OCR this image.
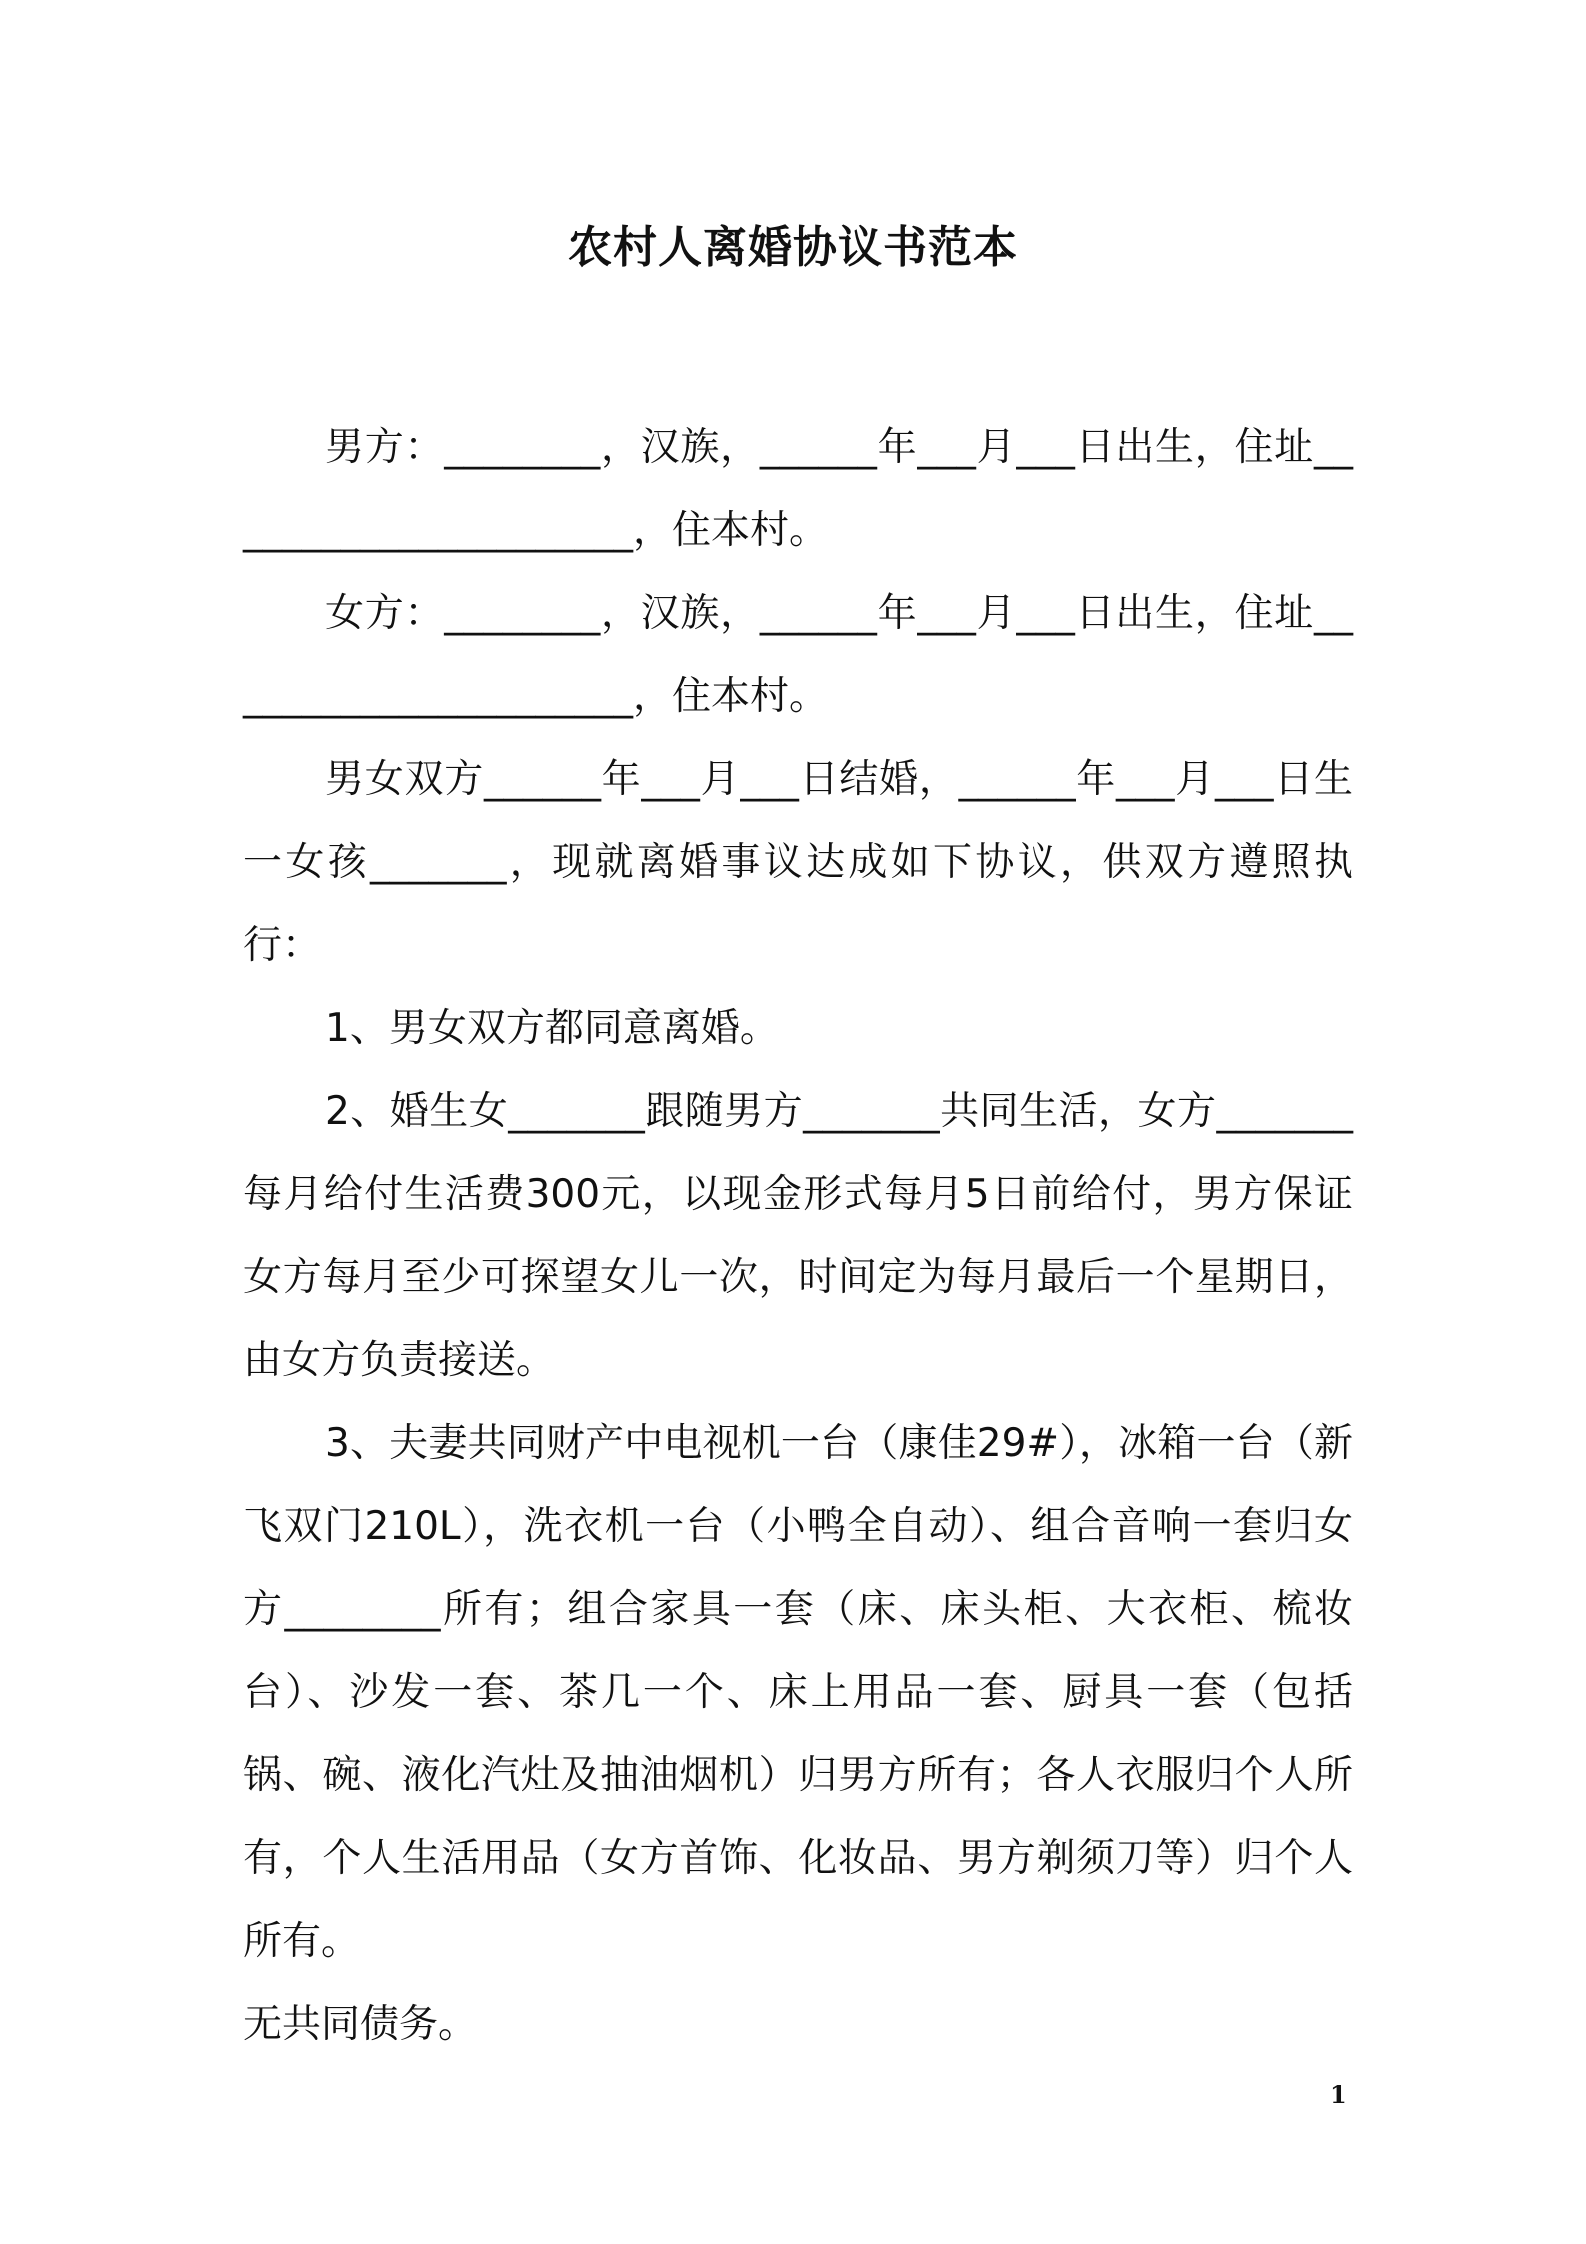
农村人离婚协议书范本

男方：________，汉族，______年___月___日出生，住址______________________，住本村。

女方：________，汉族，______年___月___日出生，住址______________________，住本村。

男女双方______年___月___日结婚，______年___月___日生一女孩_______，现就离婚事议达成如下协议，供双方遵照执行：

1、男女双方都同意离婚。

2、婚生女_______跟随男方_______共同生活，女方_______每月给付生活费300元，以现金形式每月5日前给付，男方保证女方每月至少可探望女儿一次，时间定为每月最后一个星期日，由女方负责接送。

3、夫妻共同财产中电视机一台（康佳29#），冰箱一台（新飞双门210L），洗衣机一台（小鸭全自动）、组合音响一套归女方________所有；组合家具一套（床、床头柜、大衣柜、梳妆台）、沙发一套、茶几一个、床上用品一套、厨具一套（包括锅、碗、液化汽灶及抽油烟机）归男方所有；各人衣服归个人所有，个人生活用品（女方首饰、化妆品、男方剃须刀等）归个人所有。

无共同债务。

1
